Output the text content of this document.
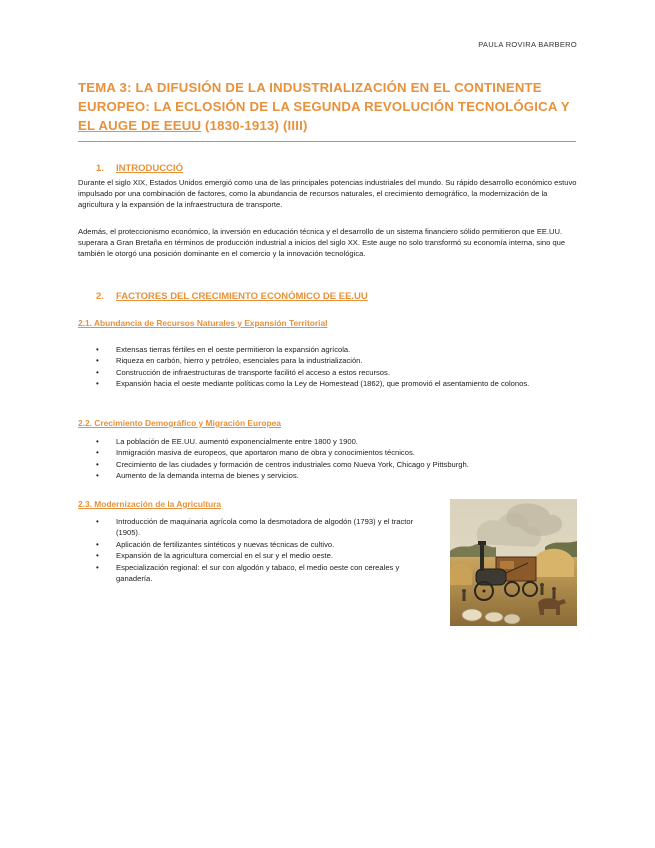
PAULA ROVIRA BARBERO
TEMA 3: LA DIFUSIÓN DE LA INDUSTRIALIZACIÓN EN EL CONTINENTE EUROPEO: LA ECLOSIÓN DE LA SEGUNDA REVOLUCIÓN TECNOLÓGICA Y EL AUGE DE EEUU (1830-1913) (IIII)
1. INTRODUCCIÓ

Durante el siglo XIX, Estados Unidos emergió como una de las principales potencias industriales del mundo. Su rápido desarrollo económico estuvo impulsado por una combinación de factores, como la abundancia de recursos naturales, el crecimiento demográfico, la modernización de la agricultura y la expansión de la infraestructura de transporte.

Además, el proteccionismo económico, la inversión en educación técnica y el desarrollo de un sistema financiero sólido permitieron que EE.UU. superara a Gran Bretaña en términos de producción industrial a inicios del siglo XX. Este auge no solo transformó su economía interna, sino que también le otorgó una posición dominante en el comercio y la innovación tecnológica.

2. FACTORES DEL CRECIMIENTO ECONÓMICO DE EE.UU
2.1. Abundancia de Recursos Naturales y Expansión Territorial
• Extensas tierras fértiles en el oeste permitieron la expansión agrícola.
• Riqueza en carbón, hierro y petróleo, esenciales para la industrialización.
• Construcción de infraestructuras de transporte facilitó el acceso a estos recursos.
• Expansión hacia el oeste mediante políticas como la Ley de Homestead (1862), que promovió el asentamiento de colonos.
2.2. Crecimiento Demográfico y Migración Europea
• La población de EE.UU. aumentó exponencialmente entre 1800 y 1900.
• Inmigración masiva de europeos, que aportaron mano de obra y conocimientos técnicos.
• Crecimiento de las ciudades y formación de centros industriales como Nueva York, Chicago y Pittsburgh.
• Aumento de la demanda interna de bienes y servicios.
2.3. Modernización de la Agricultura
• Introducción de maquinaria agrícola como la desmotadora de algodón (1793) y el tractor (1905).
• Aplicación de fertilizantes sintéticos y nuevas técnicas de cultivo.
• Expansión de la agricultura comercial en el sur y el medio oeste.
• Especialización regional: el sur con algodón y tabaco, el medio oeste con cereales y ganadería.
